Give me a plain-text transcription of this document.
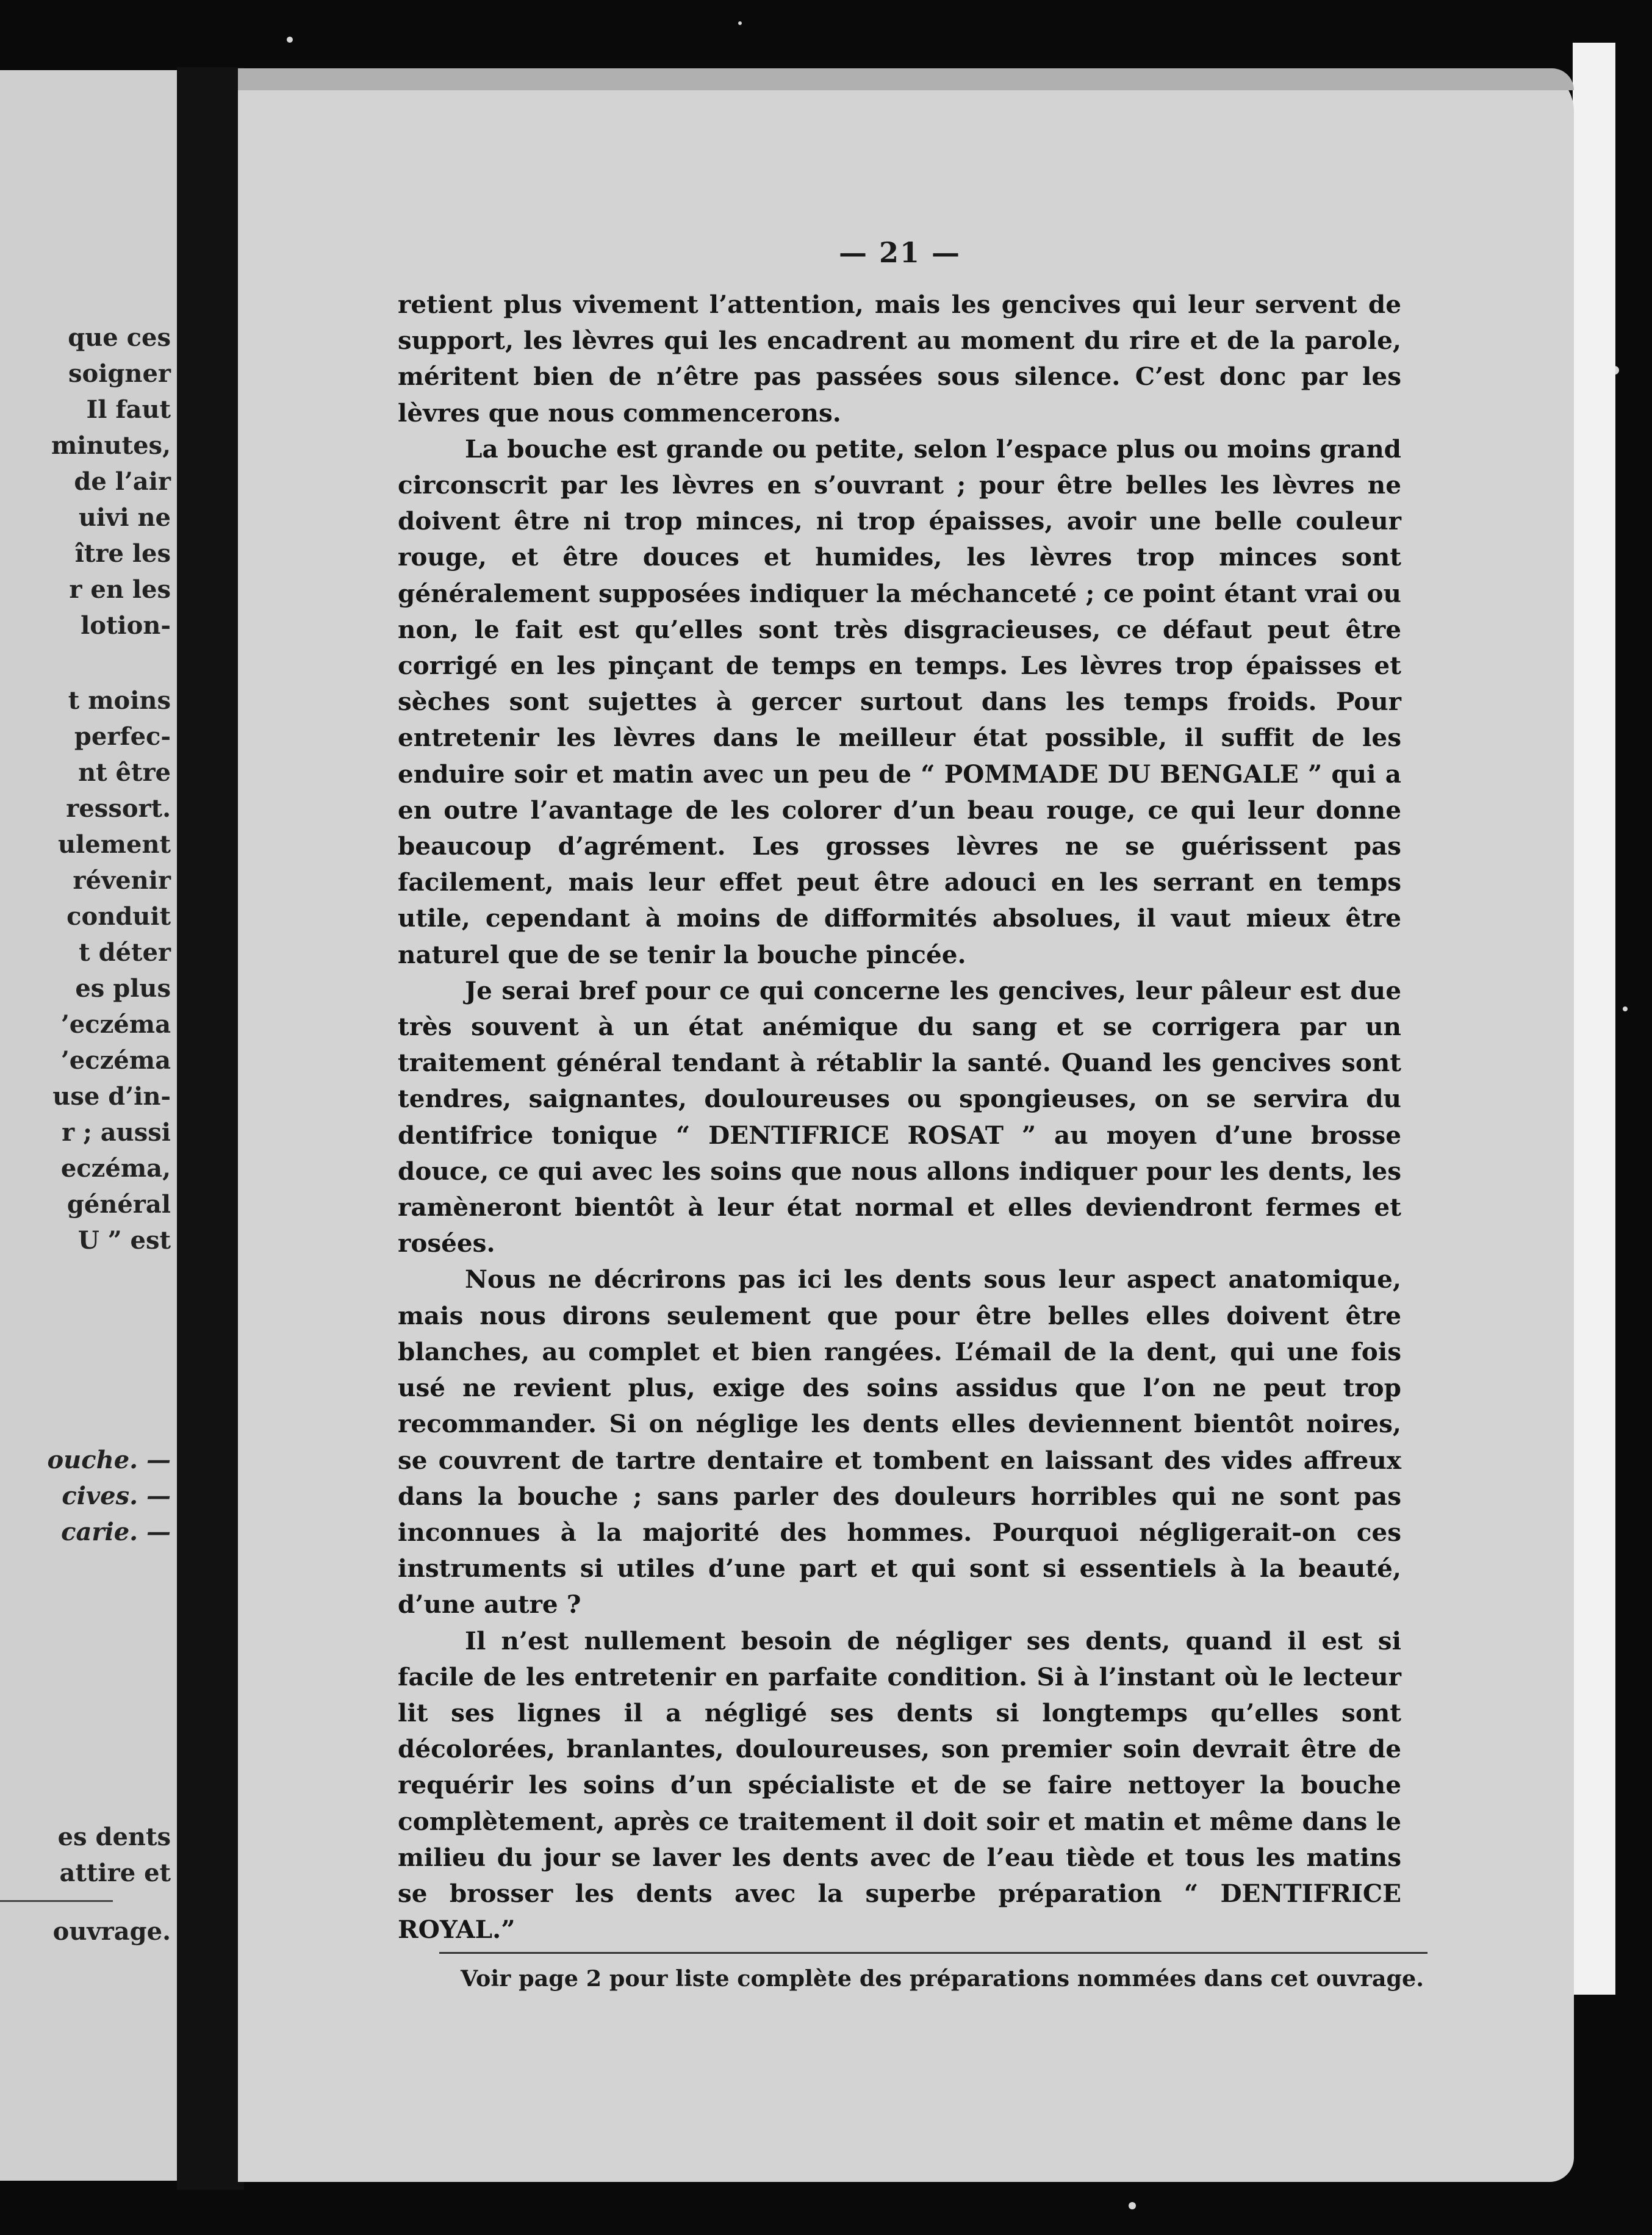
que ces
soigner
Il faut
minutes,
de l’air
uivi ne
ître les
r en les
lotion-
t moins
perfec-
nt être
ressort.
ulement
révenir
conduit
t déter
es plus
’eczéma
’eczéma
use d’in-
r ; aussi
eczéma,
général
U ” est
ouche. —
cives. —
carie. —
es dents
attire et
ouvrage.
— 21 —

retient plus vivement l’attention, mais les gencives qui leur servent de support, les lèvres qui les encadrent au moment du rire et de la parole, méritent bien de n’être pas passées sous silence. C’est donc par les lèvres que nous commencerons.

La bouche est grande ou petite, selon l’espace plus ou moins grand circonscrit par les lèvres en s’ouvrant ; pour être belles les lèvres ne doivent être ni trop minces, ni trop épaisses, avoir une belle couleur rouge, et être douces et humides, les lèvres trop minces sont généralement supposées indiquer la méchanceté ; ce point étant vrai ou non, le fait est qu’elles sont très disgracieuses, ce défaut peut être corrigé en les pinçant de temps en temps. Les lèvres trop épaisses et sèches sont sujettes à gercer surtout dans les temps froids. Pour entretenir les lèvres dans le meilleur état possible, il suffit de les enduire soir et matin avec un peu de “ POMMADE DU BENGALE ” qui a en outre l’avantage de les colorer d’un beau rouge, ce qui leur donne beaucoup d’agrément. Les grosses lèvres ne se guérissent pas facilement, mais leur effet peut être adouci en les serrant en temps utile, cependant à moins de difformités absolues, il vaut mieux être naturel que de se tenir la bouche pincée.

Je serai bref pour ce qui concerne les gencives, leur pâleur est due très souvent à un état anémique du sang et se corrigera par un traitement général tendant à rétablir la santé. Quand les gencives sont tendres, saignantes, douloureuses ou spongieuses, on se servira du dentifrice tonique “ DENTIFRICE ROSAT ” au moyen d’une brosse douce, ce qui avec les soins que nous allons indiquer pour les dents, les ramèneront bientôt à leur état normal et elles deviendront fermes et rosées.

Nous ne décrirons pas ici les dents sous leur aspect anatomique, mais nous dirons seulement que pour être belles elles doivent être blanches, au complet et bien rangées. L’émail de la dent, qui une fois usé ne revient plus, exige des soins assidus que l’on ne peut trop recommander. Si on néglige les dents elles deviennent bientôt noires, se couvrent de tartre dentaire et tombent en laissant des vides affreux dans la bouche ; sans parler des douleurs horribles qui ne sont pas inconnues à la majorité des hommes. Pourquoi négligerait-on ces instruments si utiles d’une part et qui sont si essentiels à la beauté, d’une autre ?

Il n’est nullement besoin de négliger ses dents, quand il est si facile de les entretenir en parfaite condition. Si à l’instant où le lecteur lit ses lignes il a négligé ses dents si longtemps qu’elles sont décolorées, branlantes, douloureuses, son premier soin devrait être de requérir les soins d’un spécialiste et de se faire nettoyer la bouche complètement, après ce traitement il doit soir et matin et même dans le milieu du jour se laver les dents avec de l’eau tiède et tous les matins se brosser les dents avec la superbe préparation “ DENTIFRICE ROYAL.”

Voir page 2 pour liste complète des préparations nommées dans cet ouvrage.
